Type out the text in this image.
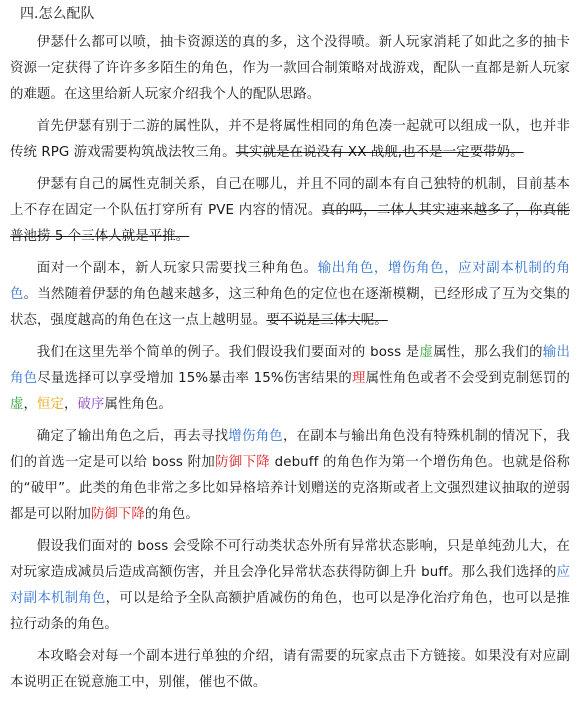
四.怎么配队

伊瑟什么都可以喷，抽卡资源送的真的多，这个没得喷。新人玩家消耗了如此之多的抽卡资源一定获得了许许多多陌生的角色，作为一款回合制策略对战游戏，配队一直都是新人玩家的难题。在这里给新人玩家介绍我个人的配队思路。

首先伊瑟有别于二游的属性队，并不是将属性相同的角色凑一起就可以组成一队，也并非传统 RPG 游戏需要构筑战法牧三角。其实就是在说没有 XX 战舰,也不是一定要带奶。

伊瑟有自己的属性克制关系，自己在哪儿，并且不同的副本有自己独特的机制，目前基本上不存在固定一个队伍打穿所有 PVE 内容的情况。真的吗，二体人其实速来越多了，你真能普池捞 5 个三体人就是平推。

面对一个副本，新人玩家只需要找三种角色。输出角色，增伤角色，应对副本机制的角色。当然随着伊瑟的角色越来越多，这三种角色的定位也在逐渐模糊，已经形成了互为交集的状态，强度越高的角色在这一点上越明显。要不说是三体大呢。

我们在这里先举个简单的例子。我们假设我们要面对的 boss 是虚属性，那么我们的输出角色尽量选择可以享受增加 15%暴击率 15%伤害结果的理属性角色或者不会受到克制惩罚的虚，恒定，破序属性角色。

确定了输出角色之后，再去寻找增伤角色，在副本与输出角色没有特殊机制的情况下，我们的首选一定是可以给 boss 附加防御下降 debuff 的角色作为第一个增伤角色。也就是俗称的“破甲”。此类的角色非常之多比如异格培养计划赠送的克洛斯或者上文强烈建议抽取的逆弱都是可以附加防御下降的角色。

假设我们面对的 boss 会受除不可行动类状态外所有异常状态影响，只是单纯劲儿大，在对玩家造成减员后造成高额伤害，并且会净化异常状态获得防御上升 buff。那么我们选择的应对副本机制角色，可以是给予全队高额护盾减伤的角色，也可以是净化治疗角色，也可以是推拉行动条的角色。

本攻略会对每一个副本进行单独的介绍，请有需要的玩家点击下方链接。如果没有对应副本说明正在锐意施工中，别催，催也不做。
